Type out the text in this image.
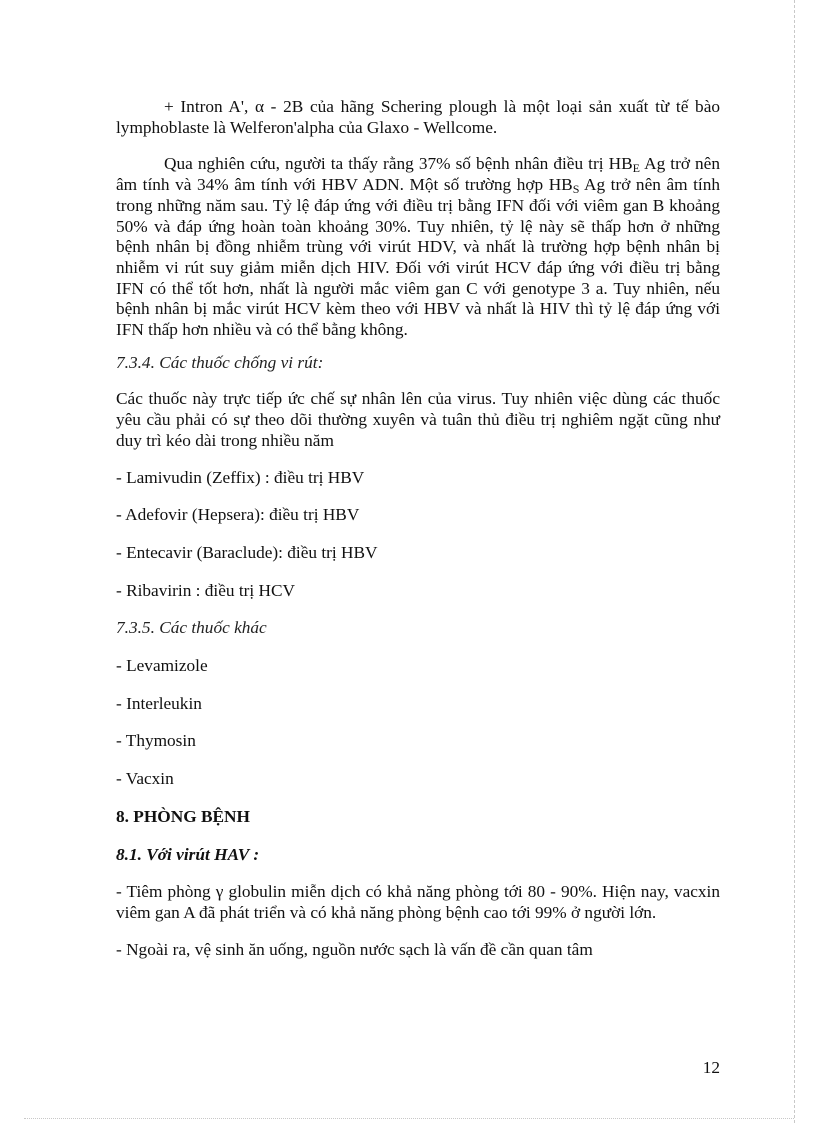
+ Intron A', α - 2B của hãng Schering plough là một loại sản xuất từ tế bào lymphoblaste là Welferon'alpha của Glaxo - Wellcome.

Qua nghiên cứu, người ta thấy rằng 37% số bệnh nhân điều trị $HB_E$ Ag trở nên âm tính và 34% âm tính với HBV ADN. Một số trường hợp $HB_S$ Ag trở nên âm tính trong những năm sau. Tỷ lệ đáp ứng với điều trị bằng IFN đối với viêm gan B khoảng 50% và đáp ứng hoàn toàn khoảng 30%. Tuy nhiên, tỷ lệ này sẽ thấp hơn ở những bệnh nhân bị đồng nhiễm trùng với virút HDV, và nhất là trường hợp bệnh nhân bị nhiễm vi rút suy giảm miễn dịch HIV. Đối với virút HCV đáp ứng với điều trị bằng IFN có thể tốt hơn, nhất là người mắc viêm gan C với genotype 3 a. Tuy nhiên, nếu bệnh nhân bị mắc virút HCV kèm theo với HBV và nhất là HIV thì tỷ lệ đáp ứng với IFN thấp hơn nhiều và có thể bằng không.

7.3.4. Các thuốc chống vi rút:

Các thuốc này trực tiếp ức chế sự nhân lên của virus. Tuy nhiên việc dùng các thuốc yêu cầu phải có sự theo dõi thường xuyên và tuân thủ điều trị nghiêm ngặt cũng như duy trì kéo dài trong nhiều năm

- Lamivudin (Zeffix) : điều trị HBV

- Adefovir (Hepsera): điều trị HBV

- Entecavir (Baraclude): điều trị HBV

- Ribavirin : điều trị HCV

7.3.5. Các thuốc khác

- Levamizole

- Interleukin

- Thymosin

- Vacxin

8. PHÒNG BỆNH

8.1. Với virút HAV :

- Tiêm phòng γ globulin miễn dịch có khả năng phòng tới 80 - 90%. Hiện nay, vacxin viêm gan A đã phát triển và có khả năng phòng bệnh cao tới 99% ở người lớn.

- Ngoài ra, vệ sinh ăn uống, nguồn nước sạch là vấn đề cần quan tâm

12
